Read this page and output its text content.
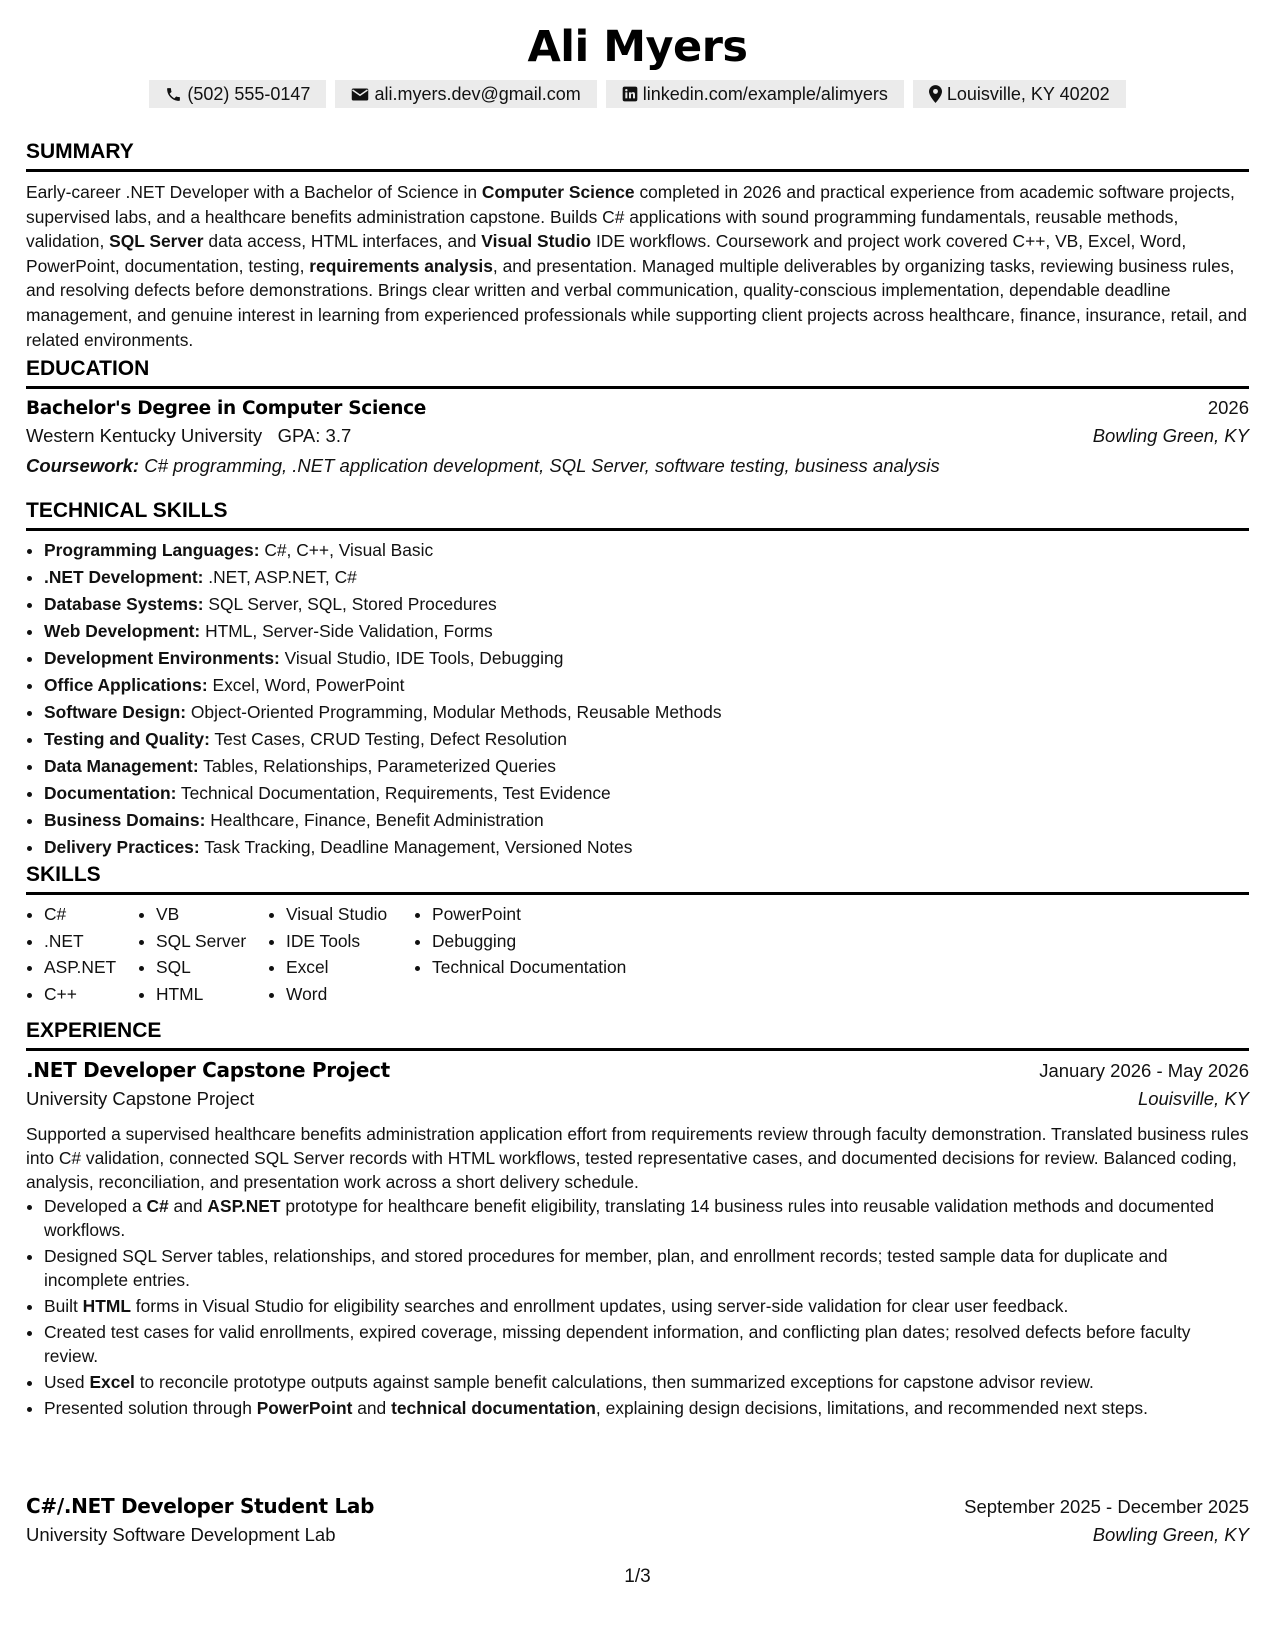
Ali Myers
(502) 555-0147	ali.myers.dev@gmail.com	linkedin.com/example/alimyers	Louisville, KY 40202
SUMMARY
Early-career .NET Developer with a Bachelor of Science in Computer Science completed in 2026 and practical experience from academic software projects, supervised labs, and a healthcare benefits administration capstone. Builds C# applications with sound programming fundamentals, reusable methods, validation, SQL Server data access, HTML interfaces, and Visual Studio IDE workflows. Coursework and project work covered C++, VB, Excel, Word, PowerPoint, documentation, testing, requirements analysis, and presentation. Managed multiple deliverables by organizing tasks, reviewing business rules, and resolving defects before demonstrations. Brings clear written and verbal communication, quality-conscious implementation, dependable deadline management, and genuine interest in learning from experienced professionals while supporting client projects across healthcare, finance, insurance, retail, and related environments.
EDUCATION
Bachelor's Degree in Computer Science	2026
Western Kentucky University GPA: 3.7	Bowling Green, KY
Coursework: C# programming, .NET application development, SQL Server, software testing, business analysis
TECHNICAL SKILLS
• Programming Languages: C#, C++, Visual Basic
• .NET Development: .NET, ASP.NET, C#
• Database Systems: SQL Server, SQL, Stored Procedures
• Web Development: HTML, Server-Side Validation, Forms
• Development Environments: Visual Studio, IDE Tools, Debugging
• Office Applications: Excel, Word, PowerPoint
• Software Design: Object-Oriented Programming, Modular Methods, Reusable Methods
• Testing and Quality: Test Cases, CRUD Testing, Defect Resolution
• Data Management: Tables, Relationships, Parameterized Queries
• Documentation: Technical Documentation, Requirements, Test Evidence
• Business Domains: Healthcare, Finance, Benefit Administration
• Delivery Practices: Task Tracking, Deadline Management, Versioned Notes
SKILLS
• C#
• .NET
• ASP.NET
• C++
• VB
• SQL Server
• SQL
• HTML
• Visual Studio
• IDE Tools
• Excel
• Word
• PowerPoint
• Debugging
• Technical Documentation
EXPERIENCE
.NET Developer Capstone Project	January 2026 - May 2026
University Capstone Project	Louisville, KY
Supported a supervised healthcare benefits administration application effort from requirements review through faculty demonstration. Translated business rules into C# validation, connected SQL Server records with HTML workflows, tested representative cases, and documented decisions for review. Balanced coding, analysis, reconciliation, and presentation work across a short delivery schedule.
• Developed a C# and ASP.NET prototype for healthcare benefit eligibility, translating 14 business rules into reusable validation methods and documented workflows.
• Designed SQL Server tables, relationships, and stored procedures for member, plan, and enrollment records; tested sample data for duplicate and incomplete entries.
• Built HTML forms in Visual Studio for eligibility searches and enrollment updates, using server-side validation for clear user feedback.
• Created test cases for valid enrollments, expired coverage, missing dependent information, and conflicting plan dates; resolved defects before faculty review.
• Used Excel to reconcile prototype outputs against sample benefit calculations, then summarized exceptions for capstone advisor review.
• Presented solution through PowerPoint and technical documentation, explaining design decisions, limitations, and recommended next steps.
C#/.NET Developer Student Lab	September 2025 - December 2025
University Software Development Lab	Bowling Green, KY
1/3
